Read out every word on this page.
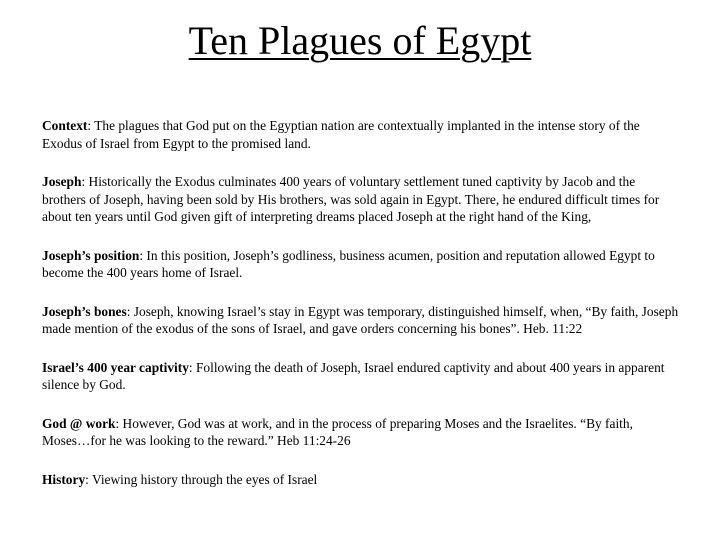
Ten Plagues of Egypt

Context: The plagues that God put on the Egyptian nation are contextually implanted in the intense story of the Exodus of Israel from Egypt to the promised land.

Joseph: Historically the Exodus culminates 400 years of voluntary settlement tuned captivity by Jacob and the brothers of Joseph, having been sold by His brothers, was sold again in Egypt. There, he endured difficult times for about ten years until God given gift of interpreting dreams placed Joseph at the right hand of the King,

Joseph’s position: In this position, Joseph’s godliness, business acumen, position and reputation allowed Egypt to become the 400 years home of Israel.

Joseph’s bones: Joseph, knowing Israel’s stay in Egypt was temporary, distinguished himself, when, “By faith, Joseph made mention of the exodus of the sons of Israel, and gave orders concerning his bones”. Heb. 11:22

Israel’s 400 year captivity: Following the death of Joseph, Israel endured captivity and about 400 years in apparent silence by God.

God @ work: However, God was at work, and in the process of preparing Moses and the Israelites. “By faith, Moses…for he was looking to the reward.” Heb 11:24-26

History: Viewing history through the eyes of Israel
